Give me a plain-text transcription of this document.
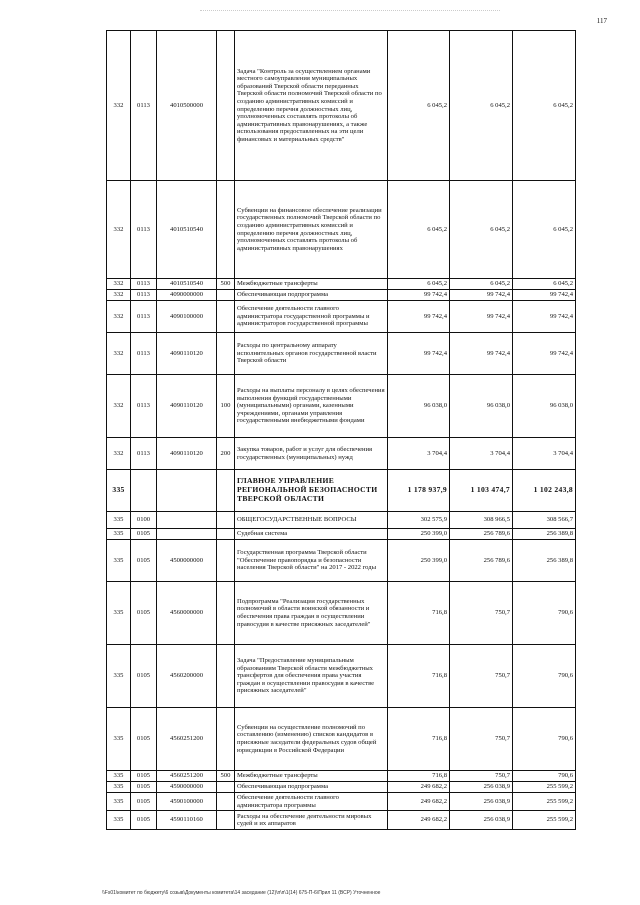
117
332	0113	4010500000		Задача "Контроль за осуществлением органами местного самоуправления муниципальных образований Тверской области переданных Тверской области полномочий Тверской области по созданию административных комиссий и определению перечня должностных лиц, уполномоченных составлять протоколы об административных правонарушениях, а также использования предоставленных на эти цели финансовых и материальных средств"	6 045,2	6 045,2	6 045,2
332	0113	4010510540		Субвенции на финансовое обеспечение реализации государственных полномочий Тверской области по созданию административных комиссий и определению перечня должностных лиц, уполномоченных составлять протоколы об административных правонарушениях	6 045,2	6 045,2	6 045,2
332	0113	4010510540	500	Межбюджетные трансферты	6 045,2	6 045,2	6 045,2
332	0113	4090000000		Обеспечивающая подпрограмма	99 742,4	99 742,4	99 742,4
332	0113	4090100000		Обеспечение деятельности главного администратора государственной программы и администраторов государственной программы	99 742,4	99 742,4	99 742,4
332	0113	4090110120		Расходы по центральному аппарату исполнительных органов государственной власти Тверской области	99 742,4	99 742,4	99 742,4
332	0113	4090110120	100	Расходы на выплаты персоналу в целях обеспечения выполнения функций государственными (муниципальными) органами, казенными учреждениями, органами управления государственными внебюджетными фондами	96 038,0	96 038,0	96 038,0
332	0113	4090110120	200	Закупка товаров, работ и услуг для обеспечения государственных (муниципальных) нужд	3 704,4	3 704,4	3 704,4
335				ГЛАВНОЕ УПРАВЛЕНИЕ РЕГИОНАЛЬНОЙ БЕЗОПАСНОСТИ ТВЕРСКОЙ ОБЛАСТИ	1 178 937,9	1 103 474,7	1 102 243,8
335	0100			ОБЩЕГОСУДАРСТВЕННЫЕ ВОПРОСЫ	302 575,9	308 966,5	308 566,7
335	0105			Судебная система	250 399,0	256 789,6	256 389,8
335	0105	4500000000		Государственная программа Тверской области "Обеспечение правопорядка и безопасности населения Тверской области" на 2017 - 2022 годы	250 399,0	256 789,6	256 389,8
335	0105	4560000000		Подпрограмма "Реализация государственных полномочий в области воинской обязанности и обеспечения права граждан в осуществлении правосудия в качестве присяжных заседателей"	716,8	750,7	790,6
335	0105	4560200000		Задача "Предоставление муниципальным образованиям Тверской области межбюджетных трансфертов для обеспечения права участия граждан в осуществлении правосудия в качестве присяжных заседателей"	716,8	750,7	790,6
335	0105	4560251200		Субвенции на осуществление полномочий по составлению (изменению) списков кандидатов в присяжные заседатели федеральных судов общей юрисдикции в Российской Федерации	716,8	750,7	790,6
335	0105	4560251200	500	Межбюджетные трансферты	716,8	750,7	790,6
335	0105	4590000000		Обеспечивающая подпрограмма	249 682,2	256 038,9	255 599,2
335	0105	4590100000		Обеспечение деятельности главного администратора программы	249 682,2	256 038,9	255 599,2
335	0105	4590110160		Расходы на обеспечение деятельности мировых судей и их аппаратов	249 682,2	256 038,9	255 599,2
\\Fs01\комитет по бюджету\6 созыв\Документы комитета\14 заседание (12)\п\п\1(14) 675-П-6\Прил 11 (ВСР) Уточненное
